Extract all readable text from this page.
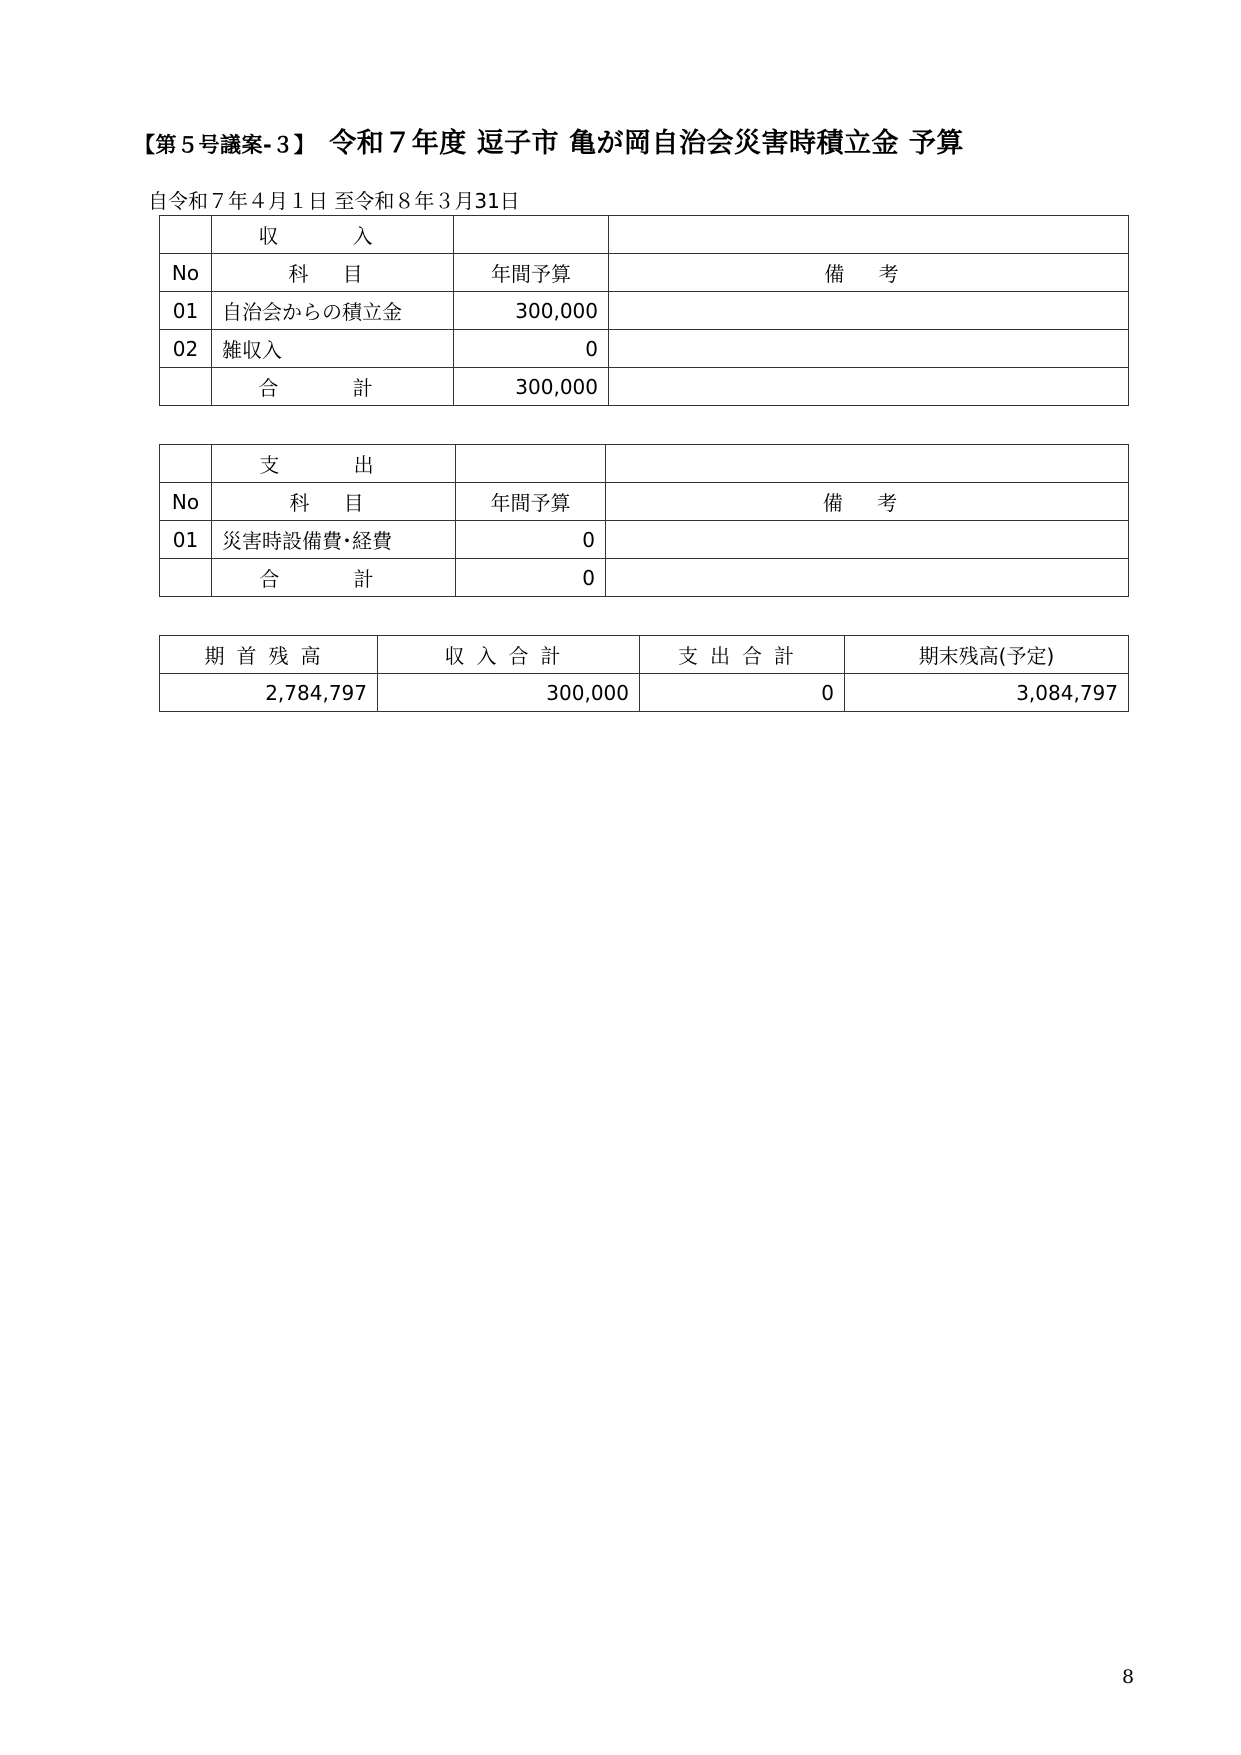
【第５号議案-３】 令和７年度 逗子市 亀が岡自治会災害時積立金 予算
自令和７年４月１日 至令和８年３月31日
	収 入		
No	科 目	年間予算	備 考
01	自治会からの積立金	300,000	
02	雑収入	0	
	合 計	300,000	
	支 出		
No	科 目	年間予算	備 考
01	災害時設備費･経費	0	
	合 計	0	
期首残高	収入合計	支出合計	期末残高(予定)
2,784,797	300,000	0	3,084,797
8
